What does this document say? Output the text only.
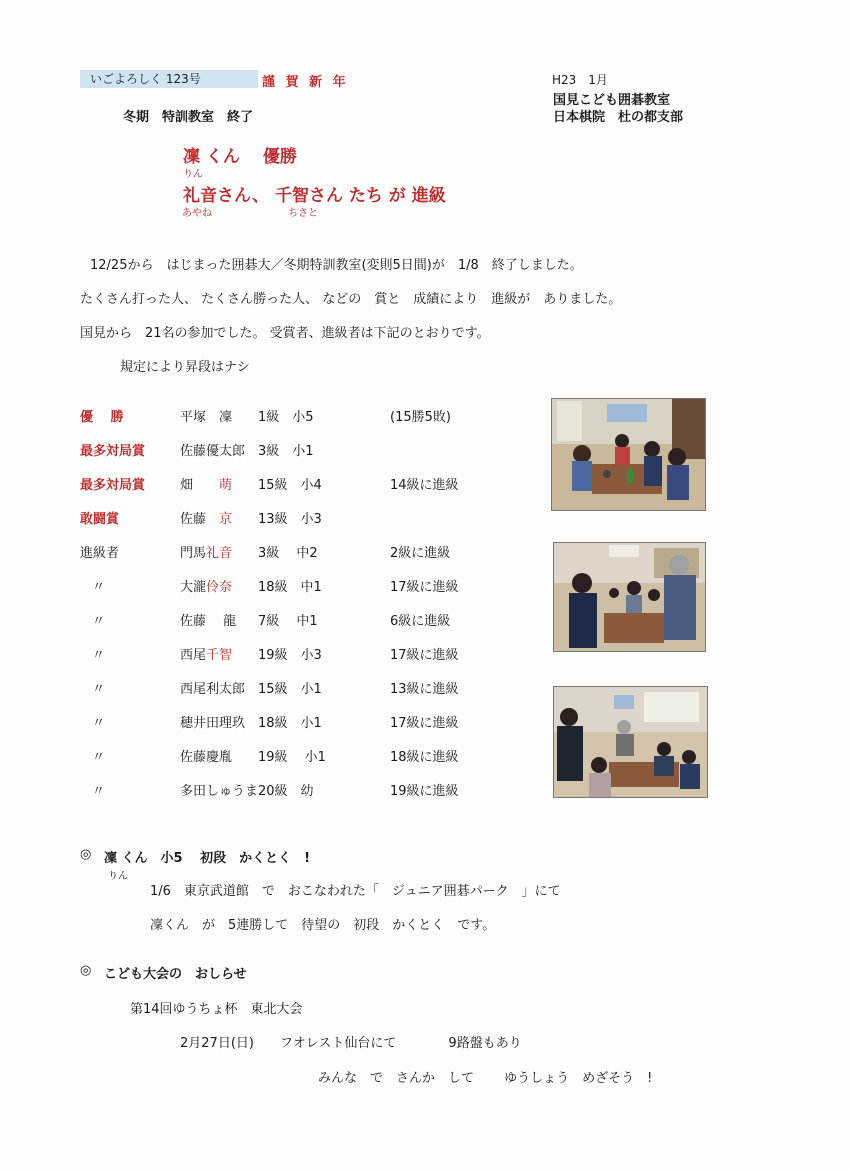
いごよろしく 123号	謹 賀 新 年	H23　1月
国見こども囲碁教室
日本棋院　杜の都支部
冬期　特訓教室　終了
凜 くん　 優勝
りん
礼音さん、 千智さん たち が 進級
あやね	ちさと
12/25から　はじまった囲碁大／冬期特訓教室(変則5日間)が　1/8　終了しました。
たくさん打った人、 たくさん勝った人、 などの　賞と　成績により　進級が　ありました。
国見から　21名の参加でした。 受賞者、進級者は下記のとおりです。
規定により昇段はナシ
優　 勝	平塚　凜 1級　小5	(15勝5敗)
最多対局賞	佐藤優太郎 3級　小1
最多対局賞	畑　　萌 15級　小4	14級に進級
敢闘賞	佐藤　京 13級　小3
進級者	門馬礼音 3級　 中2	2級に進級
〃	大瀧伶奈 18級　中1	17級に進級
〃	佐藤　 龍 7級　 中1	6級に進級
〃	西尾千智 19級　小3	17級に進級
〃	西尾利太郎 15級　小1	13級に進級
〃	穂井田理玖 18級　小1	17級に進級
〃	佐藤慶胤 19級　 小1	18級に進級
〃	多田しゅうま 20級　幼	19級に進級
◎ 凜 くん　小5　 初段　かくとく　!
りん
1/6　東京武道館　で　おこなわれた「　ジュニア囲碁パーク　」にて
凜くん　が　5連勝して　待望の　初段　かくとく　です。
◎ こども大会の　おしらせ
第14回ゆうちょ杯　東北大会
2月27日(日)　　フオレスト仙台にて　　　　9路盤もあり
みんな　で　さんか　して　　 ゆうしょう　めざそう　!
